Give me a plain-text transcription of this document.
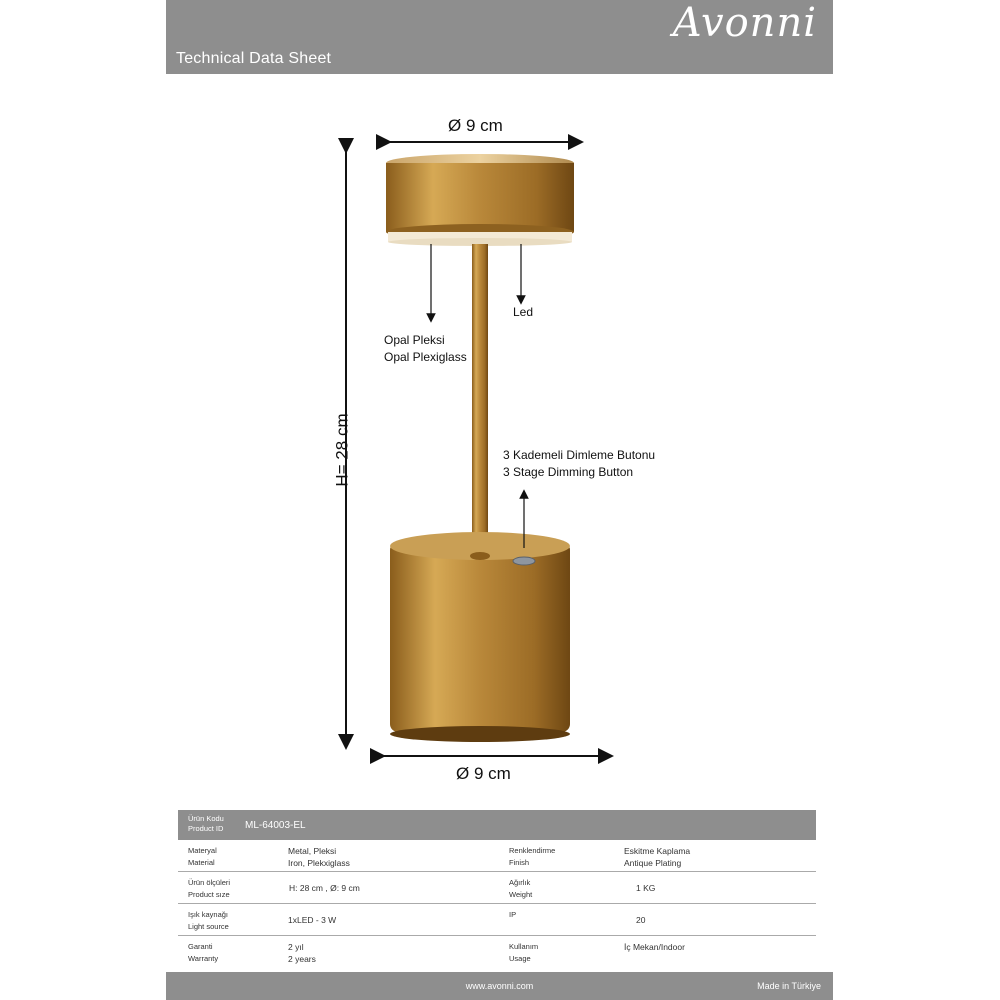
Technical Data Sheet
Avonni
Ø 9 cm
Ø 9 cm
H= 28 cm
Led
Opal Pleksi
Opal Plexiglass
3 Kademeli Dimleme Butonu
3 Stage Dimming Button
Ürün Kodu
Product ID ML-64003-EL
Materyal
Material
Metal, Pleksi
Iron, Plekxiglass
Renklendirme
Finish
Eskitme Kaplama
Antique Plating
Ürün ölçüleri
Product sıze
H: 28 cm , Ø: 9 cm
Ağırlık
Weight
1 KG
Işık kaynağı
Light source
1xLED - 3 W
IP
20
Garanti
Warranty
2 yıl
2 years
Kullanım
Usage
İç Mekan/Indoor
www.avonni.com	Made in Türkiye
